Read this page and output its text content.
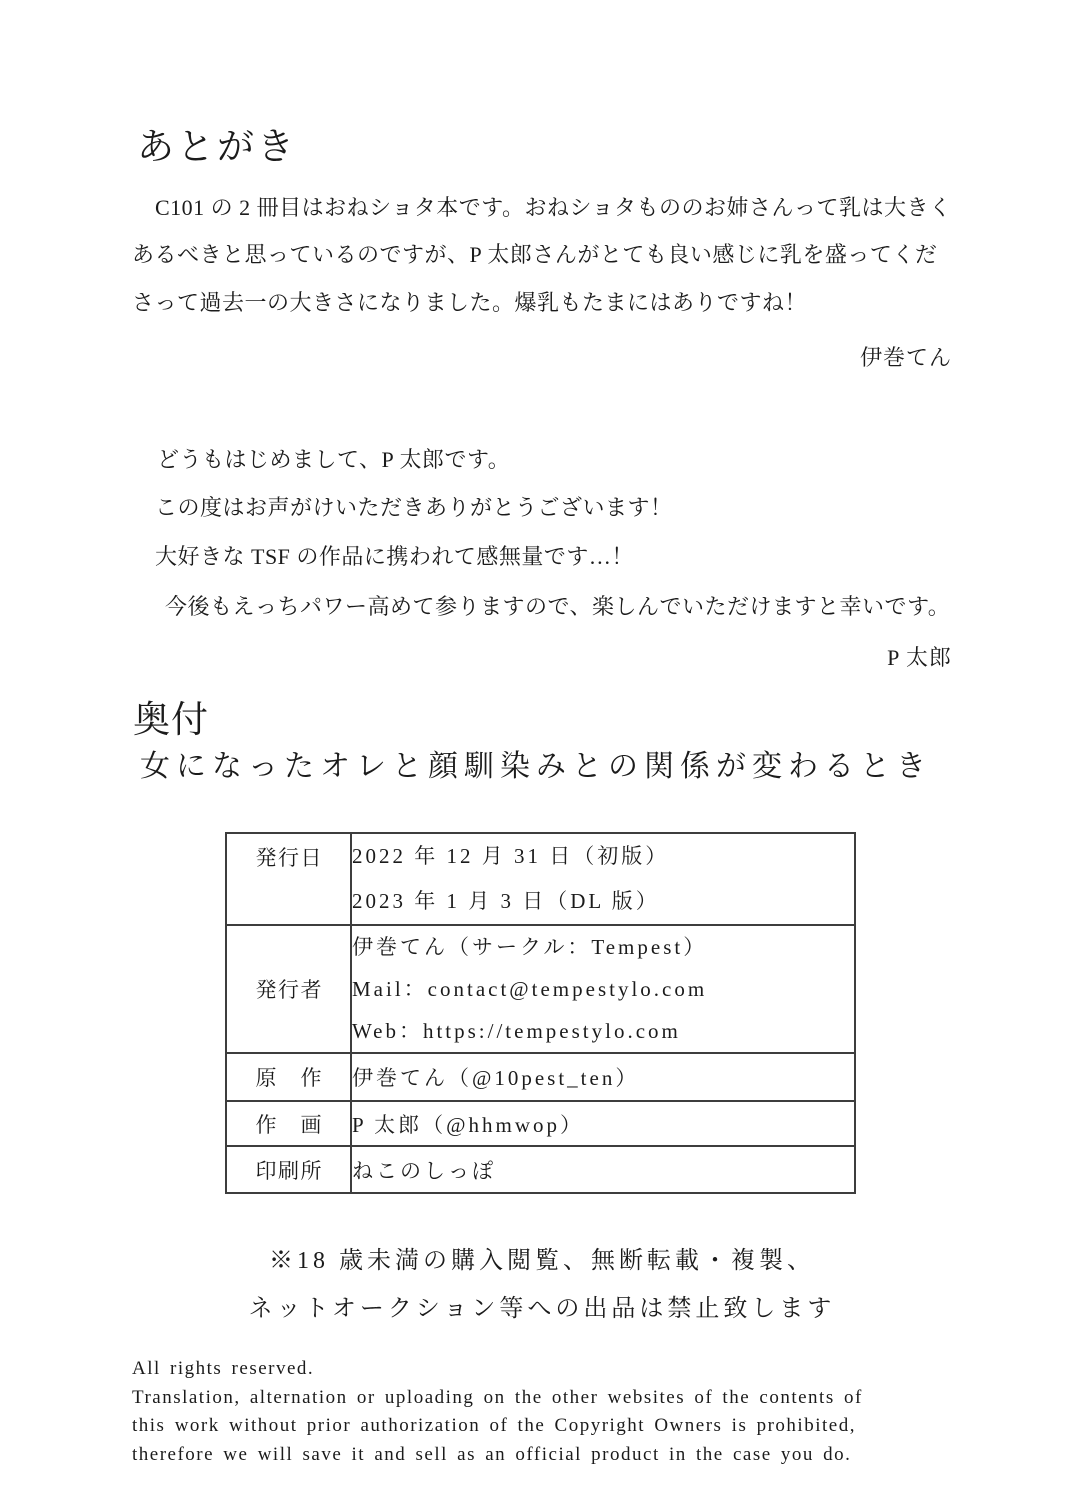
あとがき
C101 の 2 冊目はおねショタ本です。おねショタもののお姉さんって乳は大きく
あるべきと思っているのですが、P 太郎さんがとても良い感じに乳を盛ってくだ
さって過去一の大きさになりました。爆乳もたまにはありですね！
伊巻てん
どうもはじめまして、P 太郎です。
この度はお声がけいただきありがとうございます！
大好きな TSF の作品に携われて感無量です…！
今後もえっちパワー高めて参りますので、楽しんでいただけますと幸いです。
P 太郎
奥付
女になったオレと顔馴染みとの関係が変わるとき
発行日	2022 年 12 月 31 日（初版）
2023 年 1 月 3 日（DL 版）

発行者	伊巻てん（サークル：Tempest）
Mail：contact@tempestylo.com
Web：https://tempestylo.com

原作	伊巻てん（@10pest_ten）

作画	P 太郎（@hhmwop）

印刷所	ねこのしっぽ
※18 歳未満の購入閲覧、無断転載・複製、
ネットオークション等への出品は禁止致します
All rights reserved.
Translation, alternation or uploading on the other websites of the contents of
this work without prior authorization of the Copyright Owners is prohibited,
therefore we will save it and sell as an official product in the case you do.
